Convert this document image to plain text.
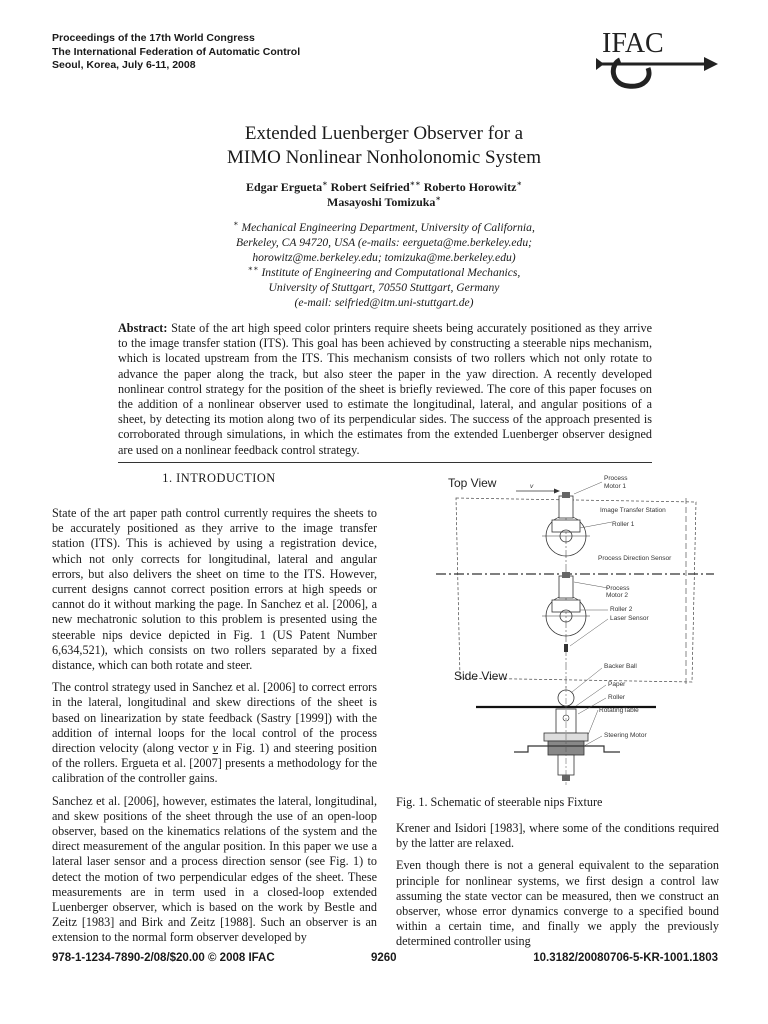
Proceedings of the 17th World Congress
The International Federation of Automatic Control
Seoul, Korea, July 6-11, 2008
IFAC
Extended Luenberger Observer for a
MIMO Nonlinear Nonholonomic System
Edgar Ergueta∗ Robert Seifried∗∗ Roberto Horowitz∗
Masayoshi Tomizuka∗
∗ Mechanical Engineering Department, University of California,
Berkeley, CA 94720, USA (e-mails: eergueta@me.berkeley.edu;
horowitz@me.berkeley.edu; tomizuka@me.berkeley.edu)
∗∗ Institute of Engineering and Computational Mechanics,
University of Stuttgart, 70550 Stuttgart, Germany
(e-mail: seifried@itm.uni-stuttgart.de)
Abstract: State of the art high speed color printers require sheets being accurately positioned as they arrive to the image transfer station (ITS). This goal has been achieved by constructing a steerable nips mechanism, which is located upstream from the ITS. This mechanism consists of two rollers which not only rotate to advance the paper along the track, but also steer the paper in the yaw direction. A recently developed nonlinear control strategy for the position of the sheet is briefly reviewed. The core of this paper focuses on the addition of a nonlinear observer used to estimate the longitudinal, lateral, and angular positions of a sheet, by detecting its motion along two of its perpendicular sides. The success of the approach presented is corroborated through simulations, in which the estimates from the extended Luenberger observer designed are used on a nonlinear feedback control strategy.
1. INTRODUCTION

State of the art paper path control currently requires the sheets to be accurately positioned as they arrive to the image transfer station (ITS). This is achieved by using a registration device, which not only corrects for longitudinal, lateral and angular errors, but also delivers the sheet on time to the ITS. However, current designs cannot correct position errors at high speeds or cannot do it without marking the page. In Sanchez et al. [2006], a new mechatronic solution to this problem is presented using the steerable nips device depicted in Fig. 1 (US Patent Number 6,634,521), which consists on two rollers separated by a fixed distance, which can both rotate and steer.

The control strategy used in Sanchez et al. [2006] to correct errors in the lateral, longitudinal and skew directions of the sheet is based on linearization by state feedback (Sastry [1999]) with the addition of internal loops for the local control of the process direction velocity (along vector v in Fig. 1) and steering position of the rollers. Ergueta et al. [2007] presents a methodology for the calibration of the controller gains.

Sanchez et al. [2006], however, estimates the lateral, longitudinal, and skew positions of the sheet through the use of an open-loop observer, based on the kinematics relations of the system and the direct measurement of the angular position. In this paper we use a lateral laser sensor and a process direction sensor (see Fig. 1) to detect the motion of two perpendicular edges of the sheet. These measurements are in term used in a closed-loop extended Luenberger observer, which is based on the work by Bestle and Zeitz [1983] and Birk and Zeitz [1988]. Such an observer is an extension to the normal form observer developed by

Top View	v
Process
Motor 1
Image Transfer Station
Roller 1
Process Direction Sensor
Process
Motor 2
Roller 2
Laser Sensor
Side View
Backer Ball
Paper
Roller
RotatingTable
Steering Motor
Fig. 1. Schematic of steerable nips Fixture

Krener and Isidori [1983], where some of the conditions required by the latter are relaxed.

Even though there is not a general equivalent to the separation principle for nonlinear systems, we first design a control law assuming the state vector can be measured, then we construct an observer, whose error dynamics converge to a specified bound within a certain time, and finally we apply the previously determined controller using

978-1-1234-7890-2/08/$20.00 © 2008 IFAC	9260	10.3182/20080706-5-KR-1001.1803
